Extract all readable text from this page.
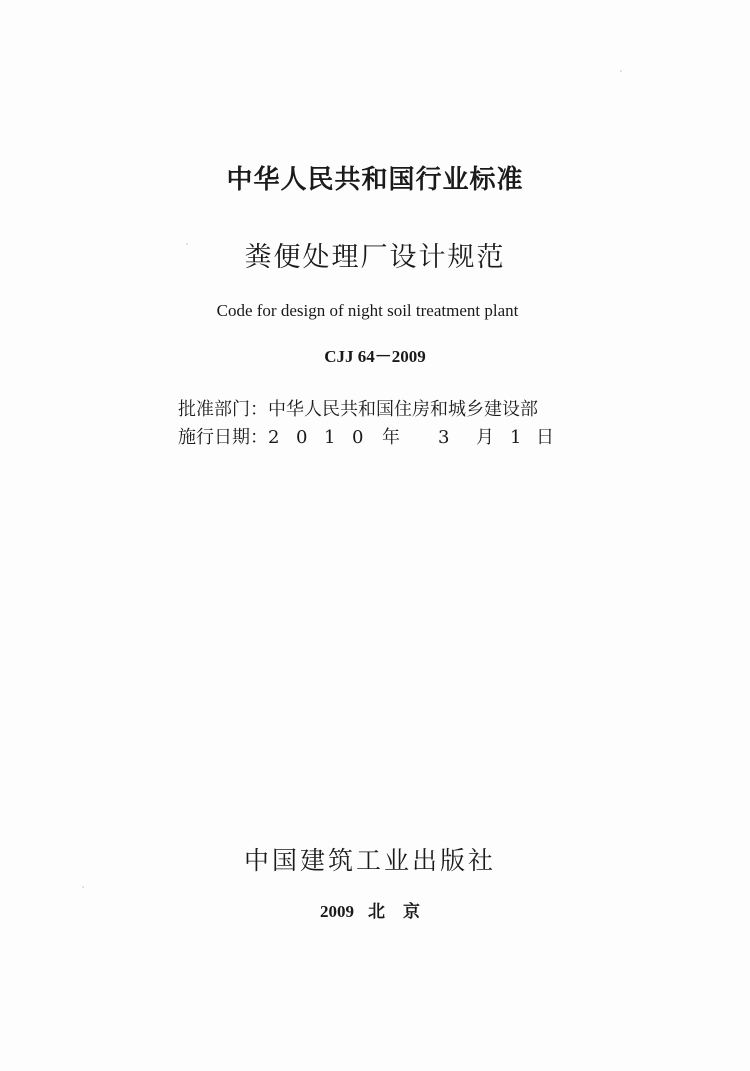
中华人民共和国行业标准
粪便处理厂设计规范
Code for design of night soil treatment plant
CJJ 64－2009
批准部门：中华人民共和国住房和城乡建设部
施行日期：2 0 1 0 年 3 月 1 日
中国建筑工业出版社
2009 北 京
